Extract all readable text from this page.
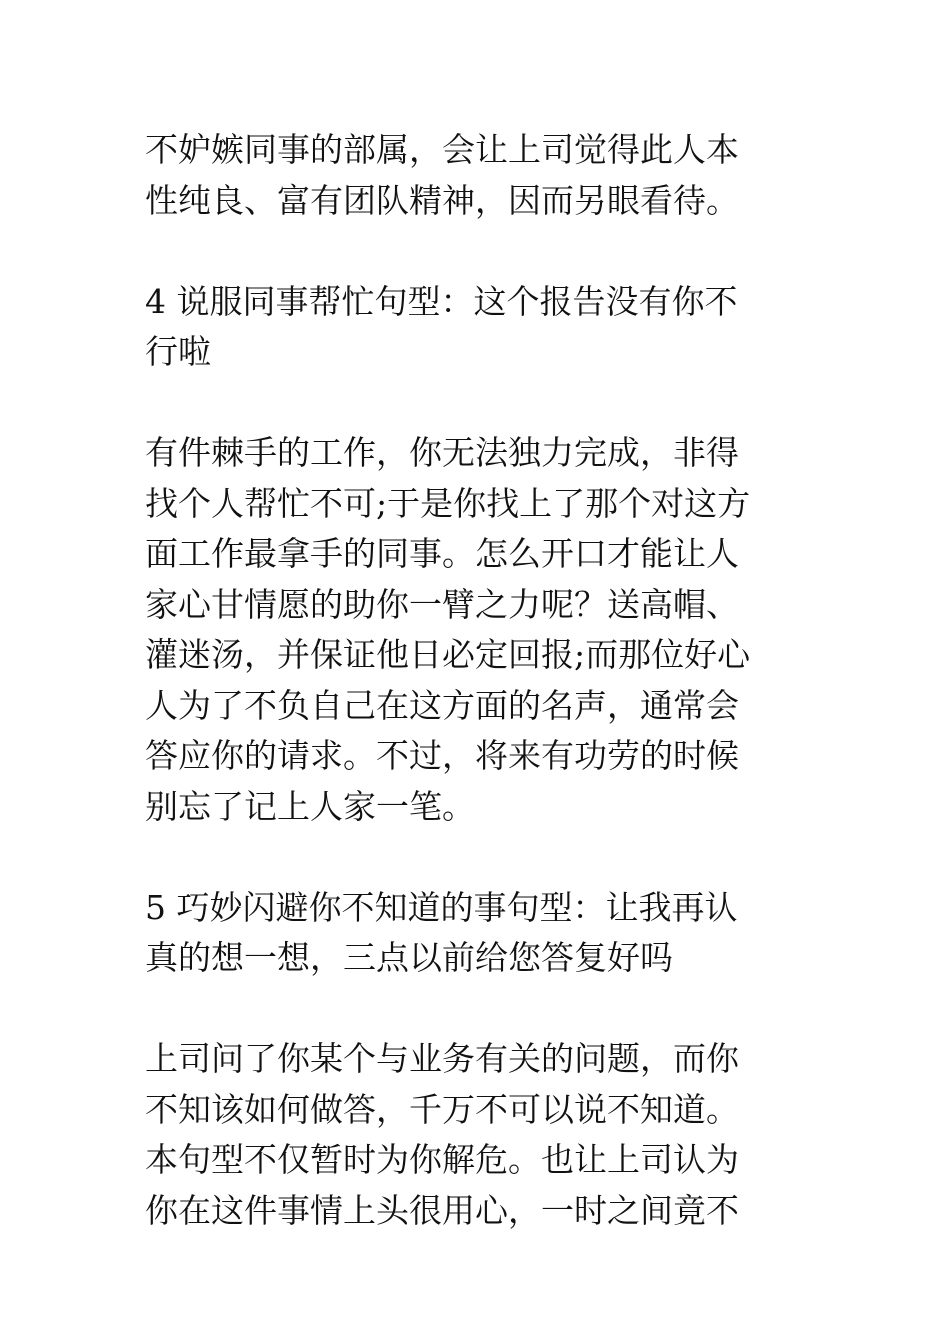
不妒嫉同事的部属，会让上司觉得此人本
性纯良、富有团队精神，因而另眼看待。

4 说服同事帮忙句型：这个报告没有你不
行啦

有件棘手的工作，你无法独力完成，非得
找个人帮忙不可;于是你找上了那个对这方
面工作最拿手的同事。怎么开口才能让人
家心甘情愿的助你一臂之力呢？送高帽、
灌迷汤，并保证他日必定回报;而那位好心
人为了不负自己在这方面的名声，通常会
答应你的请求。不过，将来有功劳的时候
别忘了记上人家一笔。

5 巧妙闪避你不知道的事句型：让我再认
真的想一想，三点以前给您答复好吗

上司问了你某个与业务有关的问题，而你
不知该如何做答，千万不可以说不知道。
本句型不仅暂时为你解危。也让上司认为
你在这件事情上头很用心，一时之间竟不
